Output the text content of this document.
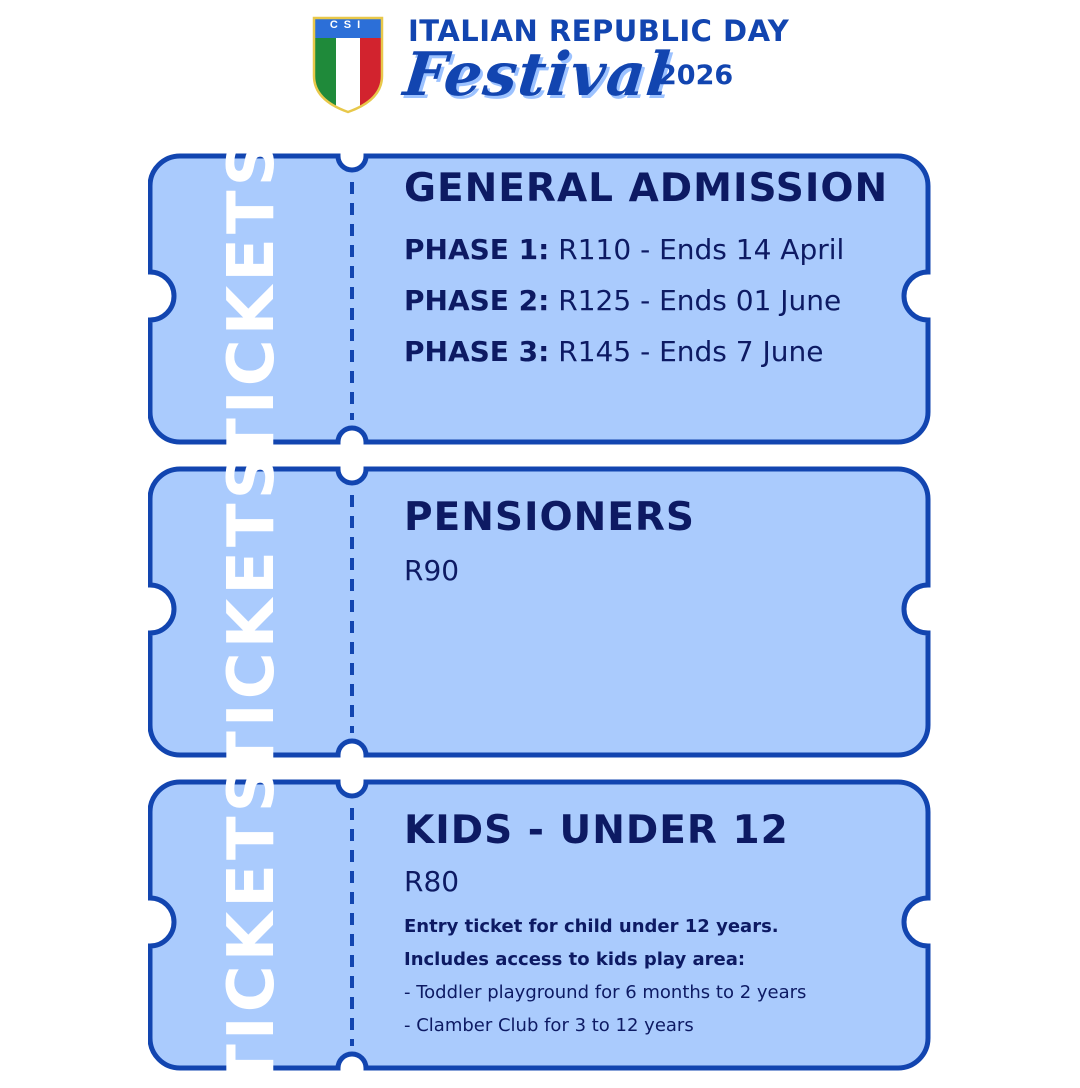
CSI	ITALIAN REPUBLIC DAY
Festival
2026
TICKETS	GENERAL ADMISSION
PHASE 1: R110 - Ends 14 April
PHASE 2: R125 - Ends 01 June
PHASE 3: R145 - Ends 7 June
TICKETS	PENSIONERS
R90
TICKETS	KIDS - UNDER 12
R80
Entry ticket for child under 12 years.
Includes access to kids play area:
- Toddler playground for 6 months to 2 years
- Clamber Club for 3 to 12 years
